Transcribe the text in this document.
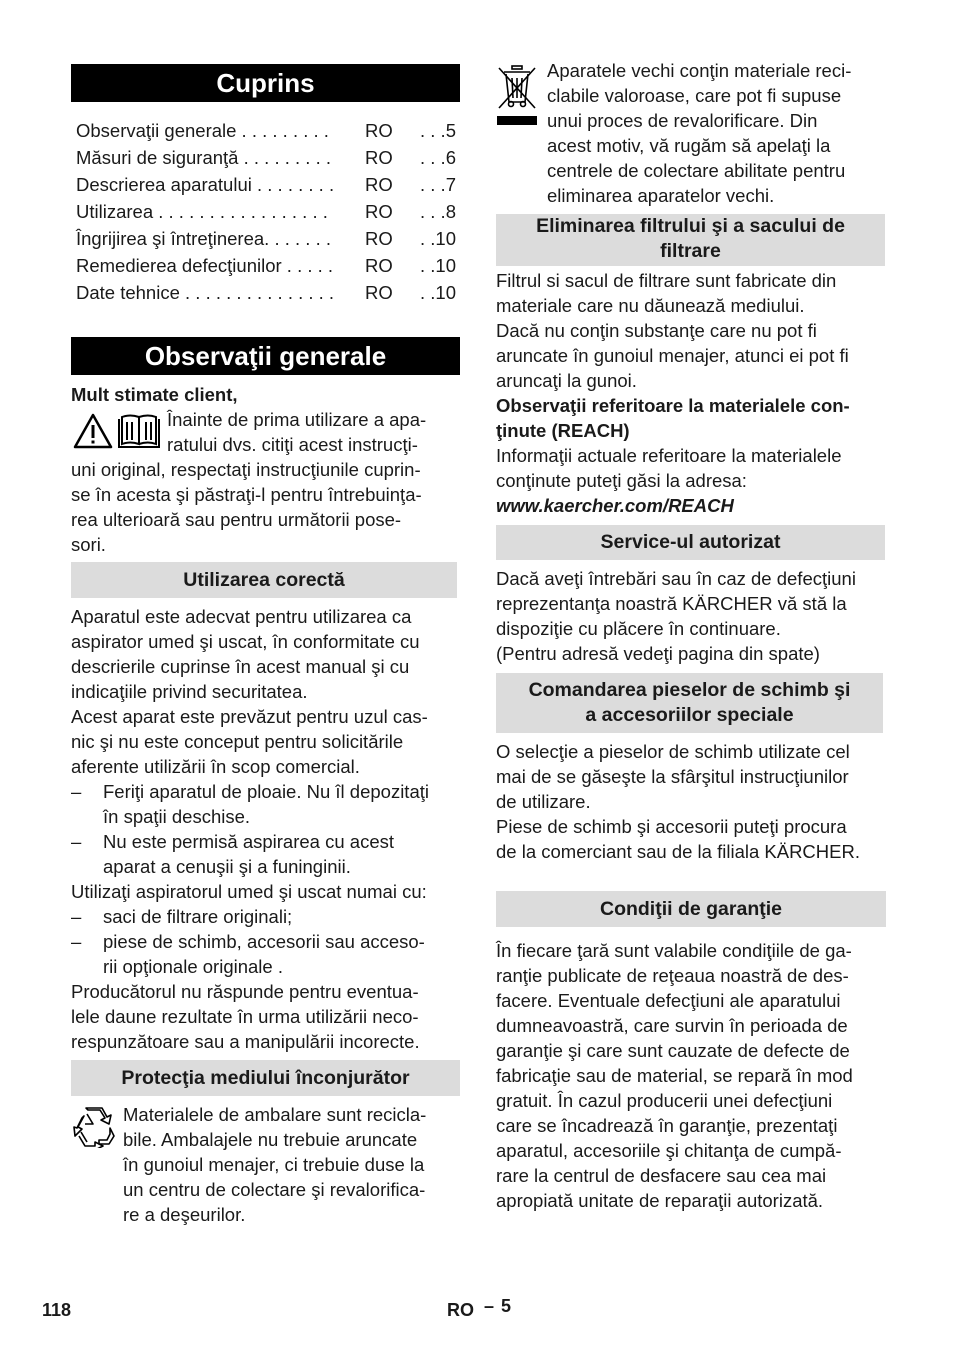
Cuprins
Observaţii generale . . . . . . . . . RO . . .5
Măsuri de siguranţă . . . . . . . . . RO . . .6
Descrierea aparatului . . . . . . . . RO . . .7
Utilizarea . . . . . . . . . . . . . . . . . RO . . .8
Îngrijirea şi întreţinerea. . . . . . . RO . .10
Remedierea defecţiunilor . . . . . RO . .10
Date tehnice . . . . . . . . . . . . . . . RO . .10
Observaţii generale
Mult stimate client,
Înainte de prima utilizare a apa-
ratului dvs. citiţi acest instrucţi-
uni original, respectaţi instrucţiunile cuprin-
se în acesta şi păstraţi-l pentru întrebuinţa-
rea ulterioară sau pentru următorii pose-
sori.
Utilizarea corectă
Aparatul este adecvat pentru utilizarea ca
aspirator umed şi uscat, în conformitate cu
descrierile cuprinse în acest manual şi cu
indicaţiile privind securitatea.
Acest aparat este prevăzut pentru uzul cas-
nic şi nu este conceput pentru solicitările
aferente utilizării în scop comercial.
– Feriţi aparatul de ploaie. Nu îl depozitaţi
în spaţii deschise.
– Nu este permisă aspirarea cu acest
aparat a cenuşii şi a funinginii.
Utilizaţi aspiratorul umed şi uscat numai cu:
– saci de filtrare originali;
– piese de schimb, accesorii sau acceso-
rii opţionale originale .
Producătorul nu răspunde pentru eventua-
lele daune rezultate în urma utilizării neco-
respunzătoare sau a manipulării incorecte.
Protecţia mediului înconjurător
Materialele de ambalare sunt recicla-
bile. Ambalajele nu trebuie aruncate
în gunoiul menajer, ci trebuie duse la
un centru de colectare şi revalorifica-
re a deşeurilor.
Aparatele vechi conţin materiale reci-
clabile valoroase, care pot fi supuse
unui proces de revalorificare. Din
acest motiv, vă rugăm să apelaţi la
centrele de colectare abilitate pentru
eliminarea aparatelor vechi.
Eliminarea filtrului şi a sacului de
filtrare
Filtrul si sacul de filtrare sunt fabricate din
materiale care nu dăunează mediului.
Dacă nu conţin substanţe care nu pot fi
aruncate în gunoiul menajer, atunci ei pot fi
aruncaţi la gunoi.
Observaţii referitoare la materialele con-
ţinute (REACH)
Informaţii actuale referitoare la materialele
conţinute puteţi găsi la adresa:
www.kaercher.com/REACH
Service-ul autorizat
Dacă aveţi întrebări sau în caz de defecţiuni
reprezentanţa noastră KÄRCHER vă stă la
dispoziţie cu plăcere în continuare.
(Pentru adresă vedeţi pagina din spate)
Comandarea pieselor de schimb şi
a accesoriilor speciale
O selecţie a pieselor de schimb utilizate cel
mai de se găseşte la sfârşitul instrucţiunilor
de utilizare.
Piese de schimb şi accesorii puteţi procura
de la comerciant sau de la filiala KÄRCHER.
Condiţii de garanţie
În fiecare ţară sunt valabile condiţiile de ga-
ranţie publicate de reţeaua noastră de des-
facere. Eventuale defecţiuni ale aparatului
dumneavoastră, care survin în perioada de
garanţie şi care sunt cauzate de defecte de
fabricaţie sau de material, se repară în mod
gratuit. În cazul producerii unei defecţiuni
care se încadrează în garanţie, prezentaţi
aparatul, accesoriile şi chitanţa de cumpă-
rare la centrul de desfacere sau cea mai
apropiată unitate de reparaţii autorizată.
118	RO – 5
